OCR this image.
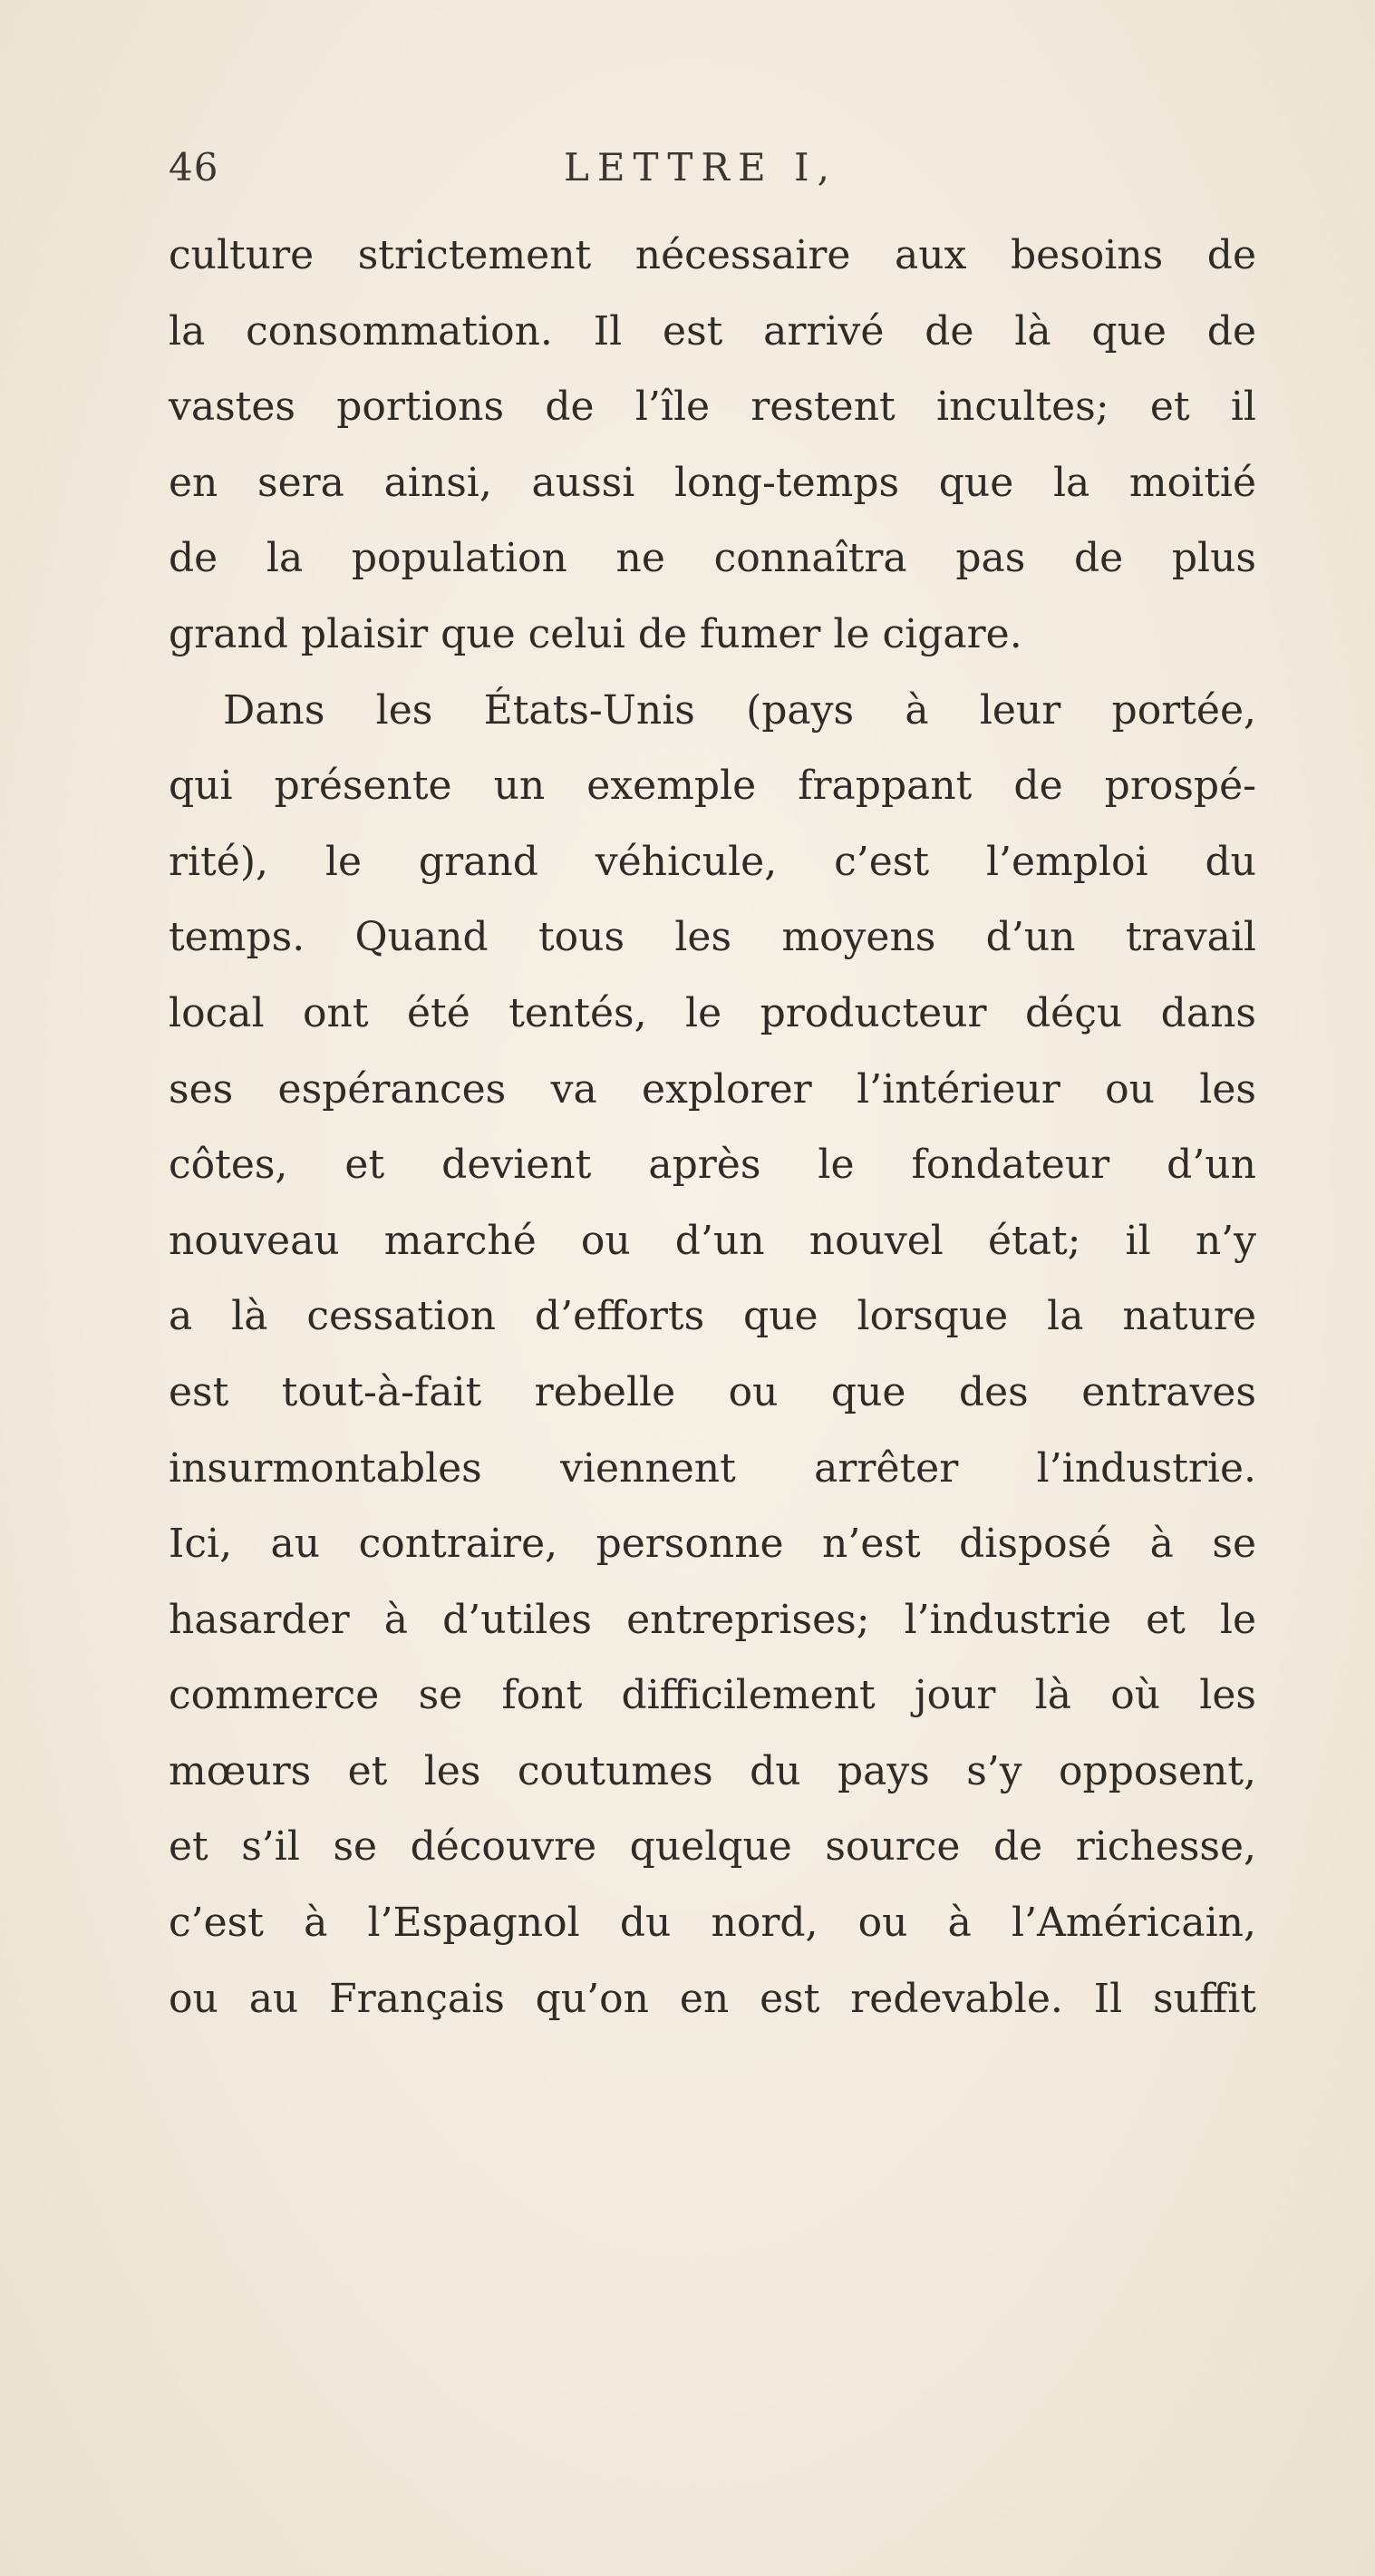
46	LETTRE I,
culture strictement nécessaire aux besoins de
la consommation. Il est arrivé de là que de
vastes portions de l’île restent incultes; et il
en sera ainsi, aussi long-temps que la moitié
de la population ne connaîtra pas de plus
grand plaisir que celui de fumer le cigare.
Dans les États-Unis (pays à leur portée,
qui présente un exemple frappant de prospé-
rité), le grand véhicule, c’est l’emploi du
temps. Quand tous les moyens d’un travail
local ont été tentés, le producteur déçu dans
ses espérances va explorer l’intérieur ou les
côtes, et devient après le fondateur d’un
nouveau marché ou d’un nouvel état; il n’y
a là cessation d’efforts que lorsque la nature
est tout-à-fait rebelle ou que des entraves
insurmontables viennent arrêter l’industrie.
Ici, au contraire, personne n’est disposé à se
hasarder à d’utiles entreprises; l’industrie et le
commerce se font difficilement jour là où les
mœurs et les coutumes du pays s’y opposent,
et s’il se découvre quelque source de richesse,
c’est à l’Espagnol du nord, ou à l’Américain,
ou au Français qu’on en est redevable. Il suffit
